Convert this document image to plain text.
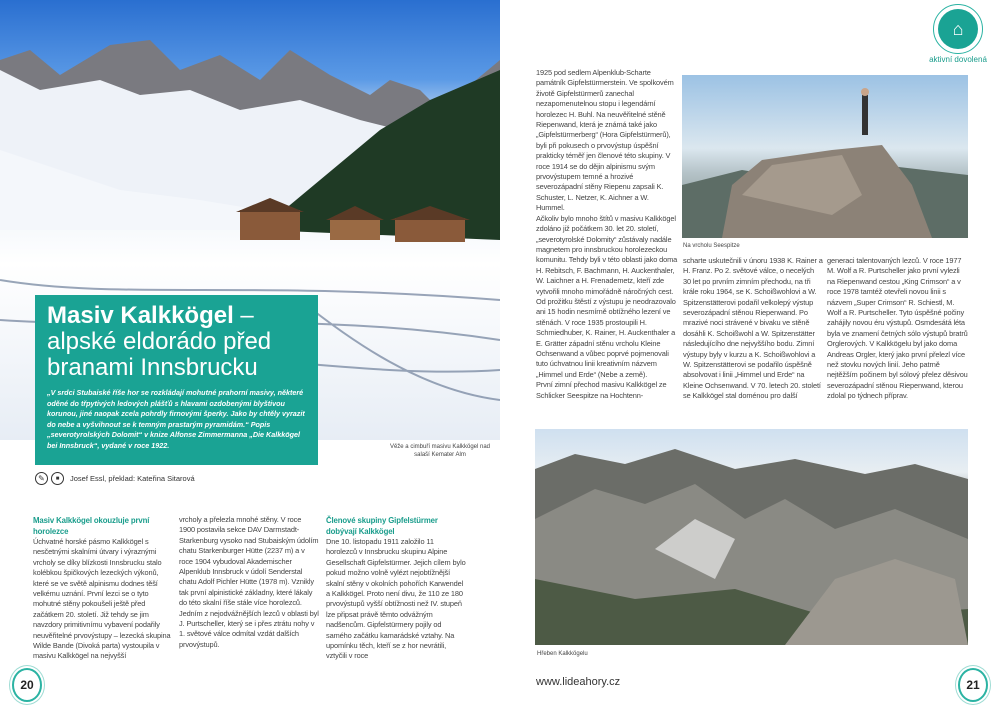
Masiv Kalkkögel –
alpské eldorádo před
branami Innsbrucku

„V srdci Stubaiské říše hor se rozkládají mohutné prahorní masivy, některé oděné do třpytivých ledových plášťů s hlavami ozdobenými blyštivou korunou, jiné naopak zcela pohrdly firnovými šperky. Jako by chtěly vyrazit do nebe a vyšvihnout se k temným prastarým pyramidám.“ Popis „severotyrolských Dolomit“ v knize Alfonse Zimmermanna „Die Kalkkögel bei Innsbruck“, vydané v roce 1922.	Věže a cimbuří masivu Kalkkögel nad salaší Kemater Alm
✎	■	Josef Essl, překlad: Kateřina Sitarová

Masiv Kalkkögel okouzluje první horolezce

Úchvatné horské pásmo Kalkkögel s nesčetnými skalními útvary i výraznými vrcholy se díky blízkosti Innsbrucku stalo kolébkou špičkových lezeckých výkonů, které se ve světě alpinismu dodnes těší velkému uznání. První lezci se o tyto mohutné stěny pokoušeli ještě před začátkem 20. století. Již tehdy se jim navzdory primitivnímu vybavení podařily neuvěřitelné prvovýstupy – lezecká skupina Wilde Bande (Divoká parta) vystoupila v masivu Kalkkögel na nejvyšší

vrcholy a přelezla mnohé stěny. V roce 1900 postavila sekce DAV Darmstadt-Starkenburg vysoko nad Stubaiským údolím chatu Starkenburger Hütte (2237 m) a v roce 1904 vybudoval Akademischer Alpenklub Innsbruck v údolí Senderstal chatu Adolf Pichler Hütte (1978 m). Vznikly tak první alpinistické základny, které lákaly do této skalní říše stále více horolezců. Jedním z nejodvážnějších lezců v oblasti byl J. Purtscheller, který se i přes ztrátu nohy v 1. světové válce odmítal vzdát dalších prvovýstupů.

Členové skupiny Gipfelstürmer dobývají Kalkkögel

Dne 10. listopadu 1911 založilo 11 horolezců v Innsbrucku skupinu Alpine Gesellschaft Gipfelstürmer. Jejich cílem bylo pokud možno volně vylézt nejobtížnější skalní stěny v okolních pohořích Karwendel a Kalkkögel. Proto není divu, že 110 ze 180 prvovýstupů vyšší obtížnosti než IV. stupeň lze připsat právě těmto odvážným nadšencům. Gipfelstürmery pojily od samého začátku kamarádské vztahy. Na upomínku těch, kteří se z hor nevrátili, vztyčili v roce

20
⌂
aktivní dovolená

1925 pod sedlem Alpenklub-Scharte památník Gipfelstürmerstein. Ve spolkovém životě Gipfelstürmerů zanechal nezapomenutelnou stopu i legendární horolezec H. Buhl. Na neuvěřitelné stěně Riepenwand, která je známá také jako „Gipfelstürmerberg“ (Hora Gipfelstürmerů), byli při pokusech o prvovýstup úspěšní prakticky téměř jen členové této skupiny. V roce 1914 se do dějin alpinismu svým prvovýstupem temné a hrozivé severozápadní stěny Riepenu zapsali K. Schuster, L. Netzer, K. Aichner a W. Hummel.

Ačkoliv bylo mnoho štítů v masivu Kalkkögel zdoláno již počátkem 30. let 20. století, „severotyrolské Dolomity“ zůstávaly nadále magnetem pro innsbruckou horolezeckou komunitu. Tehdy byli v této oblasti jako doma H. Rebitsch, F. Bachmann, H. Auckenthaler, W. Laichner a H. Frenademetz, kteří zde vytvořili mnoho mimořádně náročných cest. Od prožitku štěstí z výstupu je neodrazovalo ani 15 hodin nesmírně obtížného lezení ve stěnách. V roce 1935 prostoupili H. Schmiedhuber, K. Rainer, H. Auckenthaler a E. Grätter západní stěnu vrcholu Kleine Ochsenwand a vůbec poprvé pojmenovali tuto úchvatnou linii kreativním názvem „Himmel und Erde“ (Nebe a země).

První zimní přechod masivu Kalkkögel ze Schlicker Seespitze na Hochtenn-

Na vrcholu Seespitze

scharte uskutečnili v únoru 1938 K. Rainer a H. Franz. Po 2. světové válce, o necelých 30 let po prvním zimním přechodu, na tři krále roku 1964, se K. Schoißwohlovi a W. Spitzenstätterovi podařil velkolepý výstup severozápadní stěnou Riepenwand. Po mrazivé noci strávené v bivaku ve stěně dosáhli K. Schoißwohl a W. Spitzenstätter následujícího dne nejvyššího bodu. Zimní výstupy byly v kurzu a K. Schoißwohlovi a W. Spitzenstätterovi se podařilo úspěšně absolvovat i linii „Himmel und Erde“ na Kleine Ochsenwand. V 70. letech 20. století se Kalkkögel stal doménou pro další

generaci talentovaných lezců. V roce 1977 M. Wolf a R. Purtscheller jako první vylezli na Riepenwand cestou „King Crimson“ a v roce 1978 tamtéž otevřeli novou linii s názvem „Super Crimson“ R. Schiestl, M. Wolf a R. Purtscheller. Tyto úspěšné počiny zahájily novou éru výstupů. Osmdesátá léta byla ve znamení četných sólo výstupů bratrů Orglerových. V Kalkkögelu byl jako doma Andreas Orgler, který jako první přelezl více než stovku nových linií. Jeho patrně nejtěžším počinem byl sólový přelez děsivou severozápadní stěnou Riepenwand, kterou zdolal po týdnech příprav.

Hřeben Kalkkögelu
www.lideahory.cz	21
